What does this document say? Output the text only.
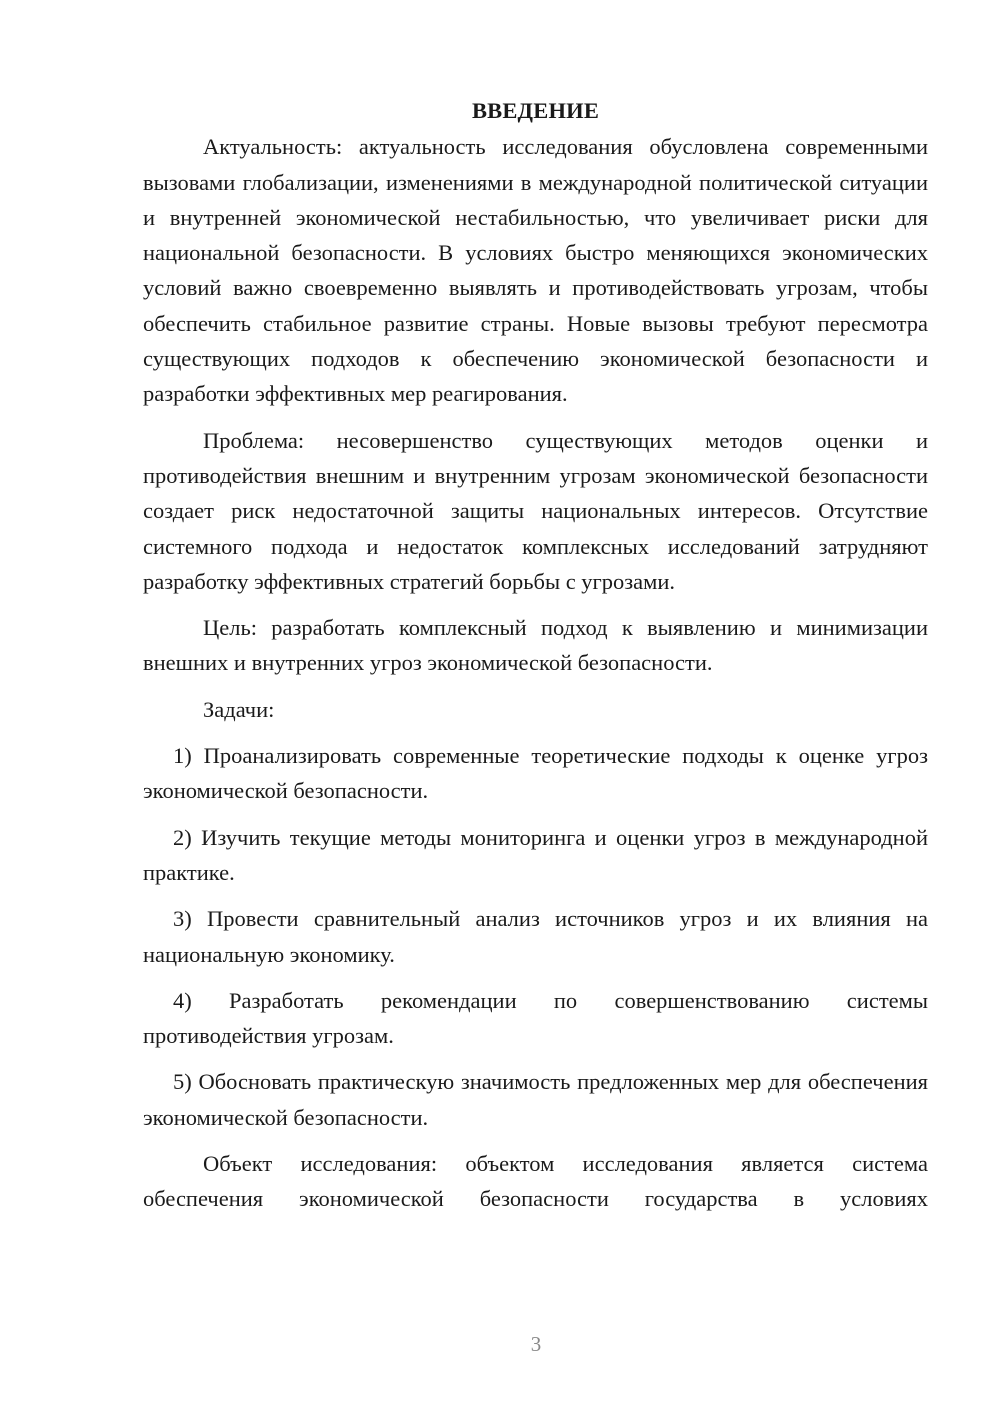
ВВЕДЕНИЕ

Актуальность: актуальность исследования обусловлена современными вызовами глобализации, изменениями в международной политической ситуации и внутренней экономической нестабильностью, что увеличивает риски для национальной безопасности. В условиях быстро меняющихся экономических условий важно своевременно выявлять и противодействовать угрозам, чтобы обеспечить стабильное развитие страны. Новые вызовы требуют пересмотра существующих подходов к обеспечению экономической безопасности и разработки эффективных мер реагирования.

Проблема: несовершенство существующих методов оценки и противодействия внешним и внутренним угрозам экономической безопасности создает риск недостаточной защиты национальных интересов. Отсутствие системного подхода и недостаток комплексных исследований затрудняют разработку эффективных стратегий борьбы с угрозами.

Цель: разработать комплексный подход к выявлению и минимизации внешних и внутренних угроз экономической безопасности.

Задачи:

1) Проанализировать современные теоретические подходы к оценке угроз экономической безопасности.

2) Изучить текущие методы мониторинга и оценки угроз в международной практике.

3) Провести сравнительный анализ источников угроз и их влияния на национальную экономику.

4) Разработать рекомендации по совершенствованию системы противодействия угрозам.

5) Обосновать практическую значимость предложенных мер для обеспечения экономической безопасности.

Объект исследования: объектом исследования является система обеспечения экономической безопасности государства в условиях

3
